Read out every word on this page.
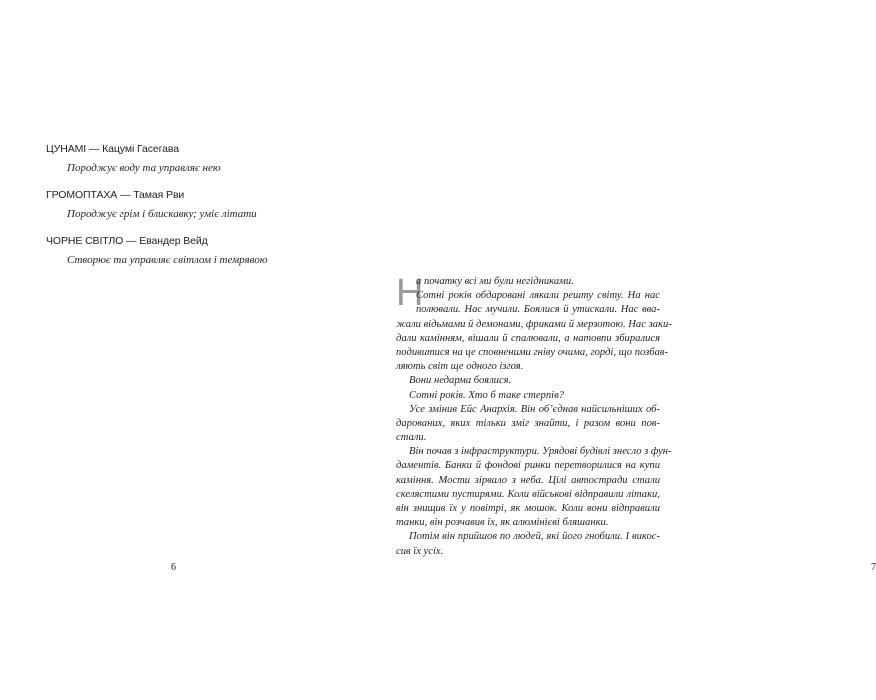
ЦУНАМІ — Кацумі Гасегава
Породжує воду та управляє нею
ГРОМОПТАХА — Тамая Рви
Породжує грім і блискавку; уміє літати
ЧОРНЕ СВІТЛО — Евандер Вейд
Створює та управляє світлом і темрявою
6	7
Н
а початку всі ми були негідниками.
Сотні років обдаровані лякали решту світу. На нас
полювали. Нас мучили. Боялися й утискали. Нас вва-
жали відьмами й демонами, фриками й мерзотою. Нас заки-
дали камінням, вішали й спалювали, а натовпи збиралися
подивитися на це сповненими гніву очима, горді, що позбав-
ляють світ ще одного ізгоя.
Вони недарма боялися.
Сотні років. Хто б таке стерпів?
Усе змінив Ейс Анархія. Він об’єднав найсильніших об-
дарованих, яких тільки зміг знайти, і разом вони пов-
стали.
Він почав з інфраструктури. Урядові будівлі знесло з фун-
даментів. Банки й фондові ринки перетворилися на купи
каміння. Мости зірвало з неба. Цілі автостради стали
скелястими пустирями. Коли військові відправили літаки,
він знищив їх у повітрі, як мошок. Коли вони відправили
танки, він розчавив їх, як алюмінієві бляшанки.
Потім він прийшов по людей, які його гнобили. І викос-
сив їх усіх.
